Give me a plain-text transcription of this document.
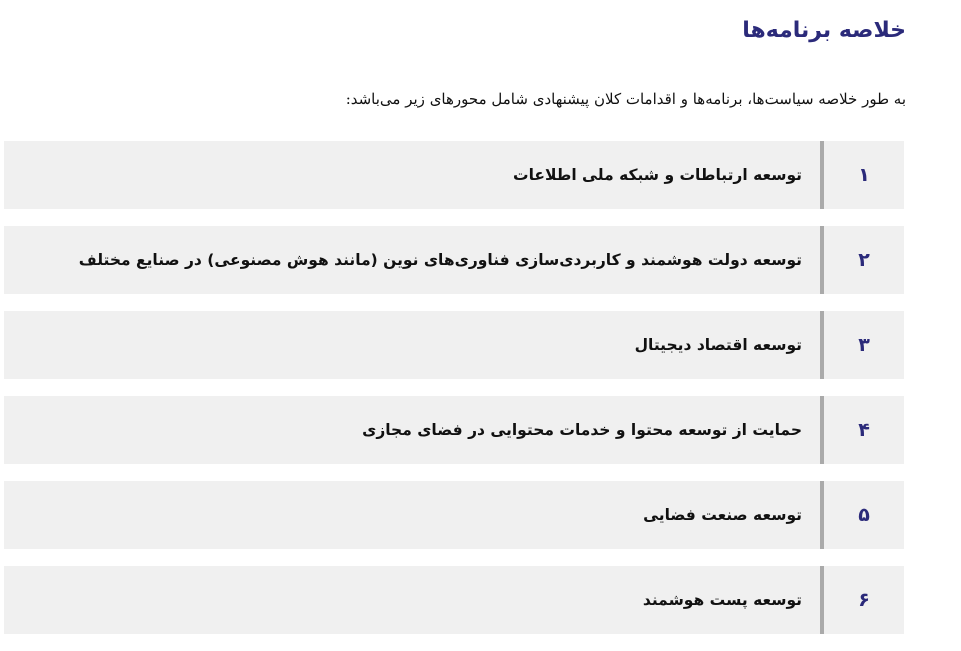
خلاصه برنامه‌ها

به طور خلاصه سیاست‌ها، برنامه‌ها و اقدامات کلان پیشنهادی شامل محورهای زیر می‌باشد:

۱
توسعه ارتباطات و شبکه ملی اطلاعات
۲
توسعه دولت هوشمند و کاربردی‌سازی فناوری‌های نوین (مانند هوش مصنوعی) در صنایع مختلف
۳
توسعه اقتصاد دیجیتال
۴
حمایت از توسعه محتوا و خدمات محتوایی در فضای مجازی
۵
توسعه صنعت فضایی
۶
توسعه پست هوشمند
